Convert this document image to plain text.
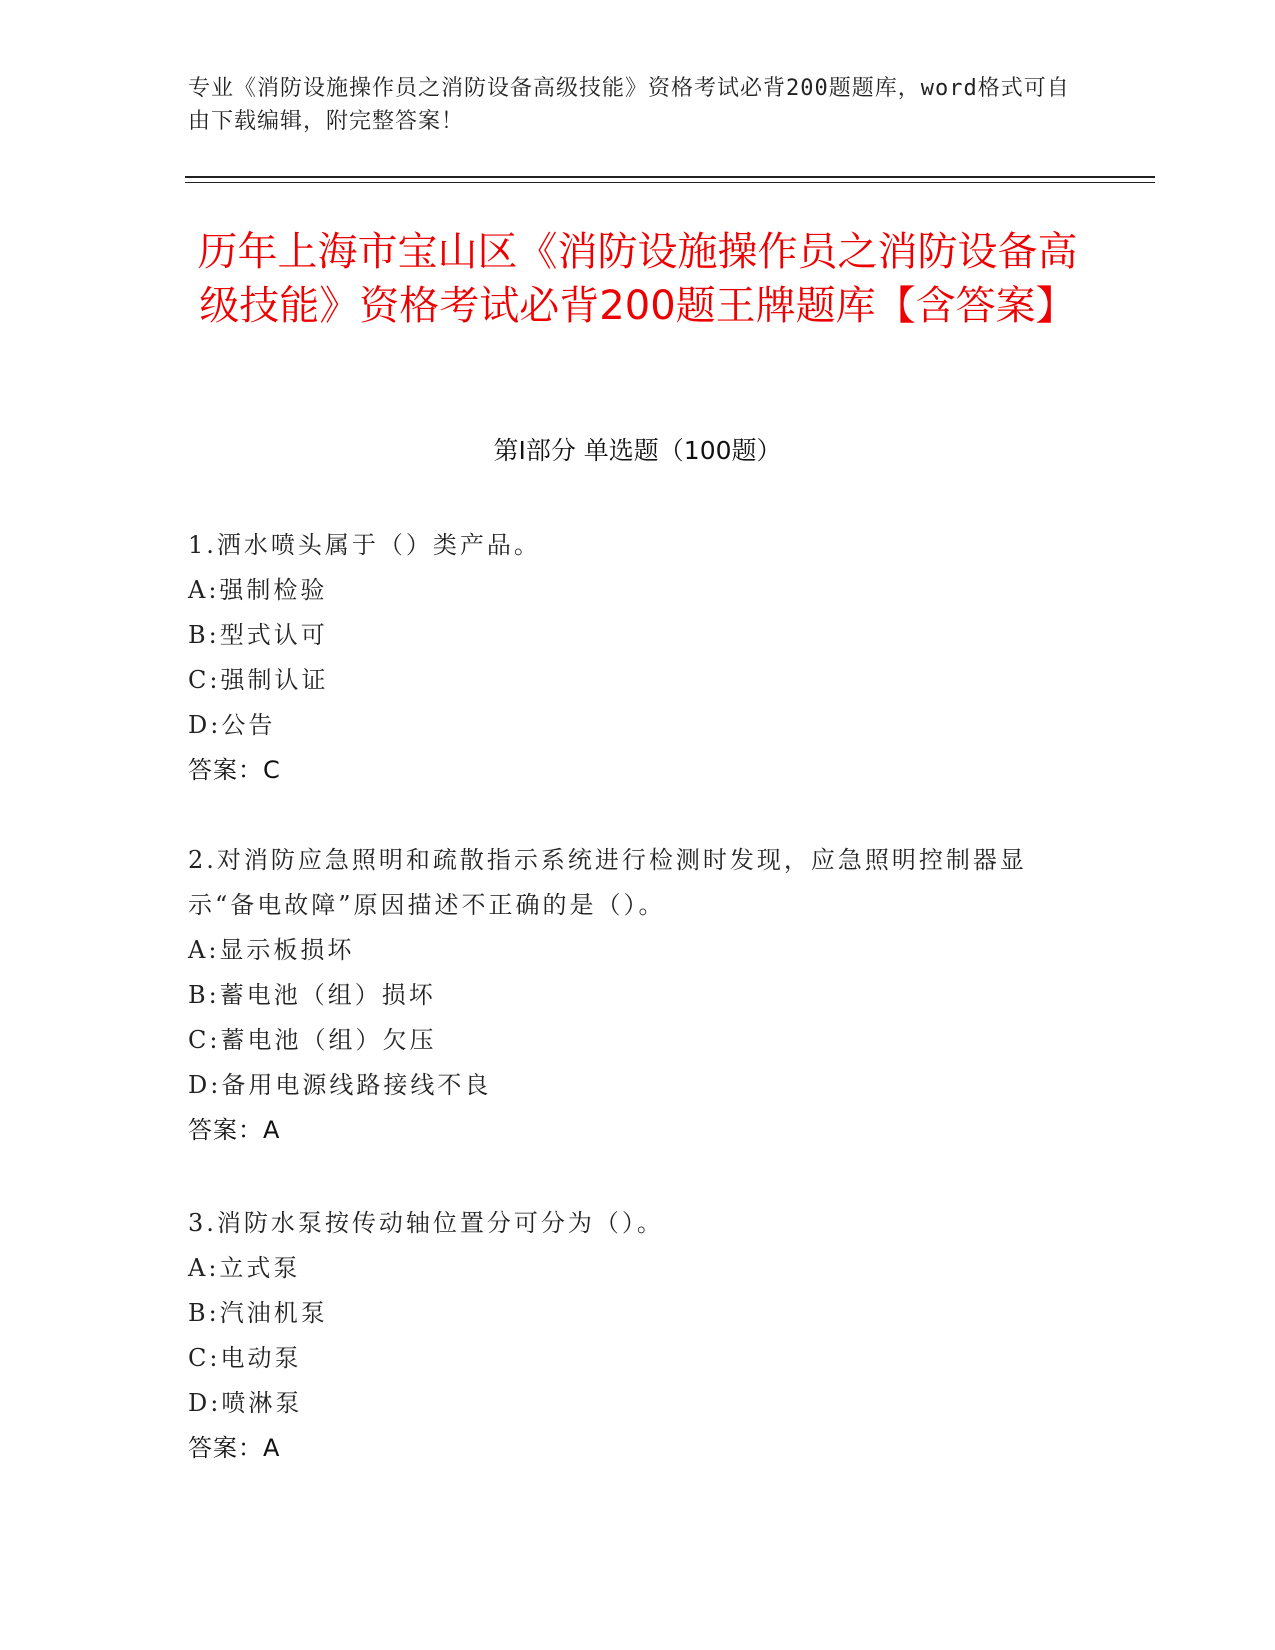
专业《消防设施操作员之消防设备高级技能》资格考试必背200题题库，word格式可自由下载编辑，附完整答案！
历年上海市宝山区《消防设施操作员之消防设备高级技能》资格考试必背200题王牌题库【含答案】
第Ⅰ部分 单选题（100题）

1.洒水喷头属于（）类产品。

A:强制检验

B:型式认可

C:强制认证

D:公告

答案：C

2.对消防应急照明和疏散指示系统进行检测时发现，应急照明控制器显示“备电故障”原因描述不正确的是（）。

A:显示板损坏

B:蓄电池（组）损坏

C:蓄电池（组）欠压

D:备用电源线路接线不良

答案：A

3.消防水泵按传动轴位置分可分为（）。

A:立式泵

B:汽油机泵

C:电动泵

D:喷淋泵

答案：A
